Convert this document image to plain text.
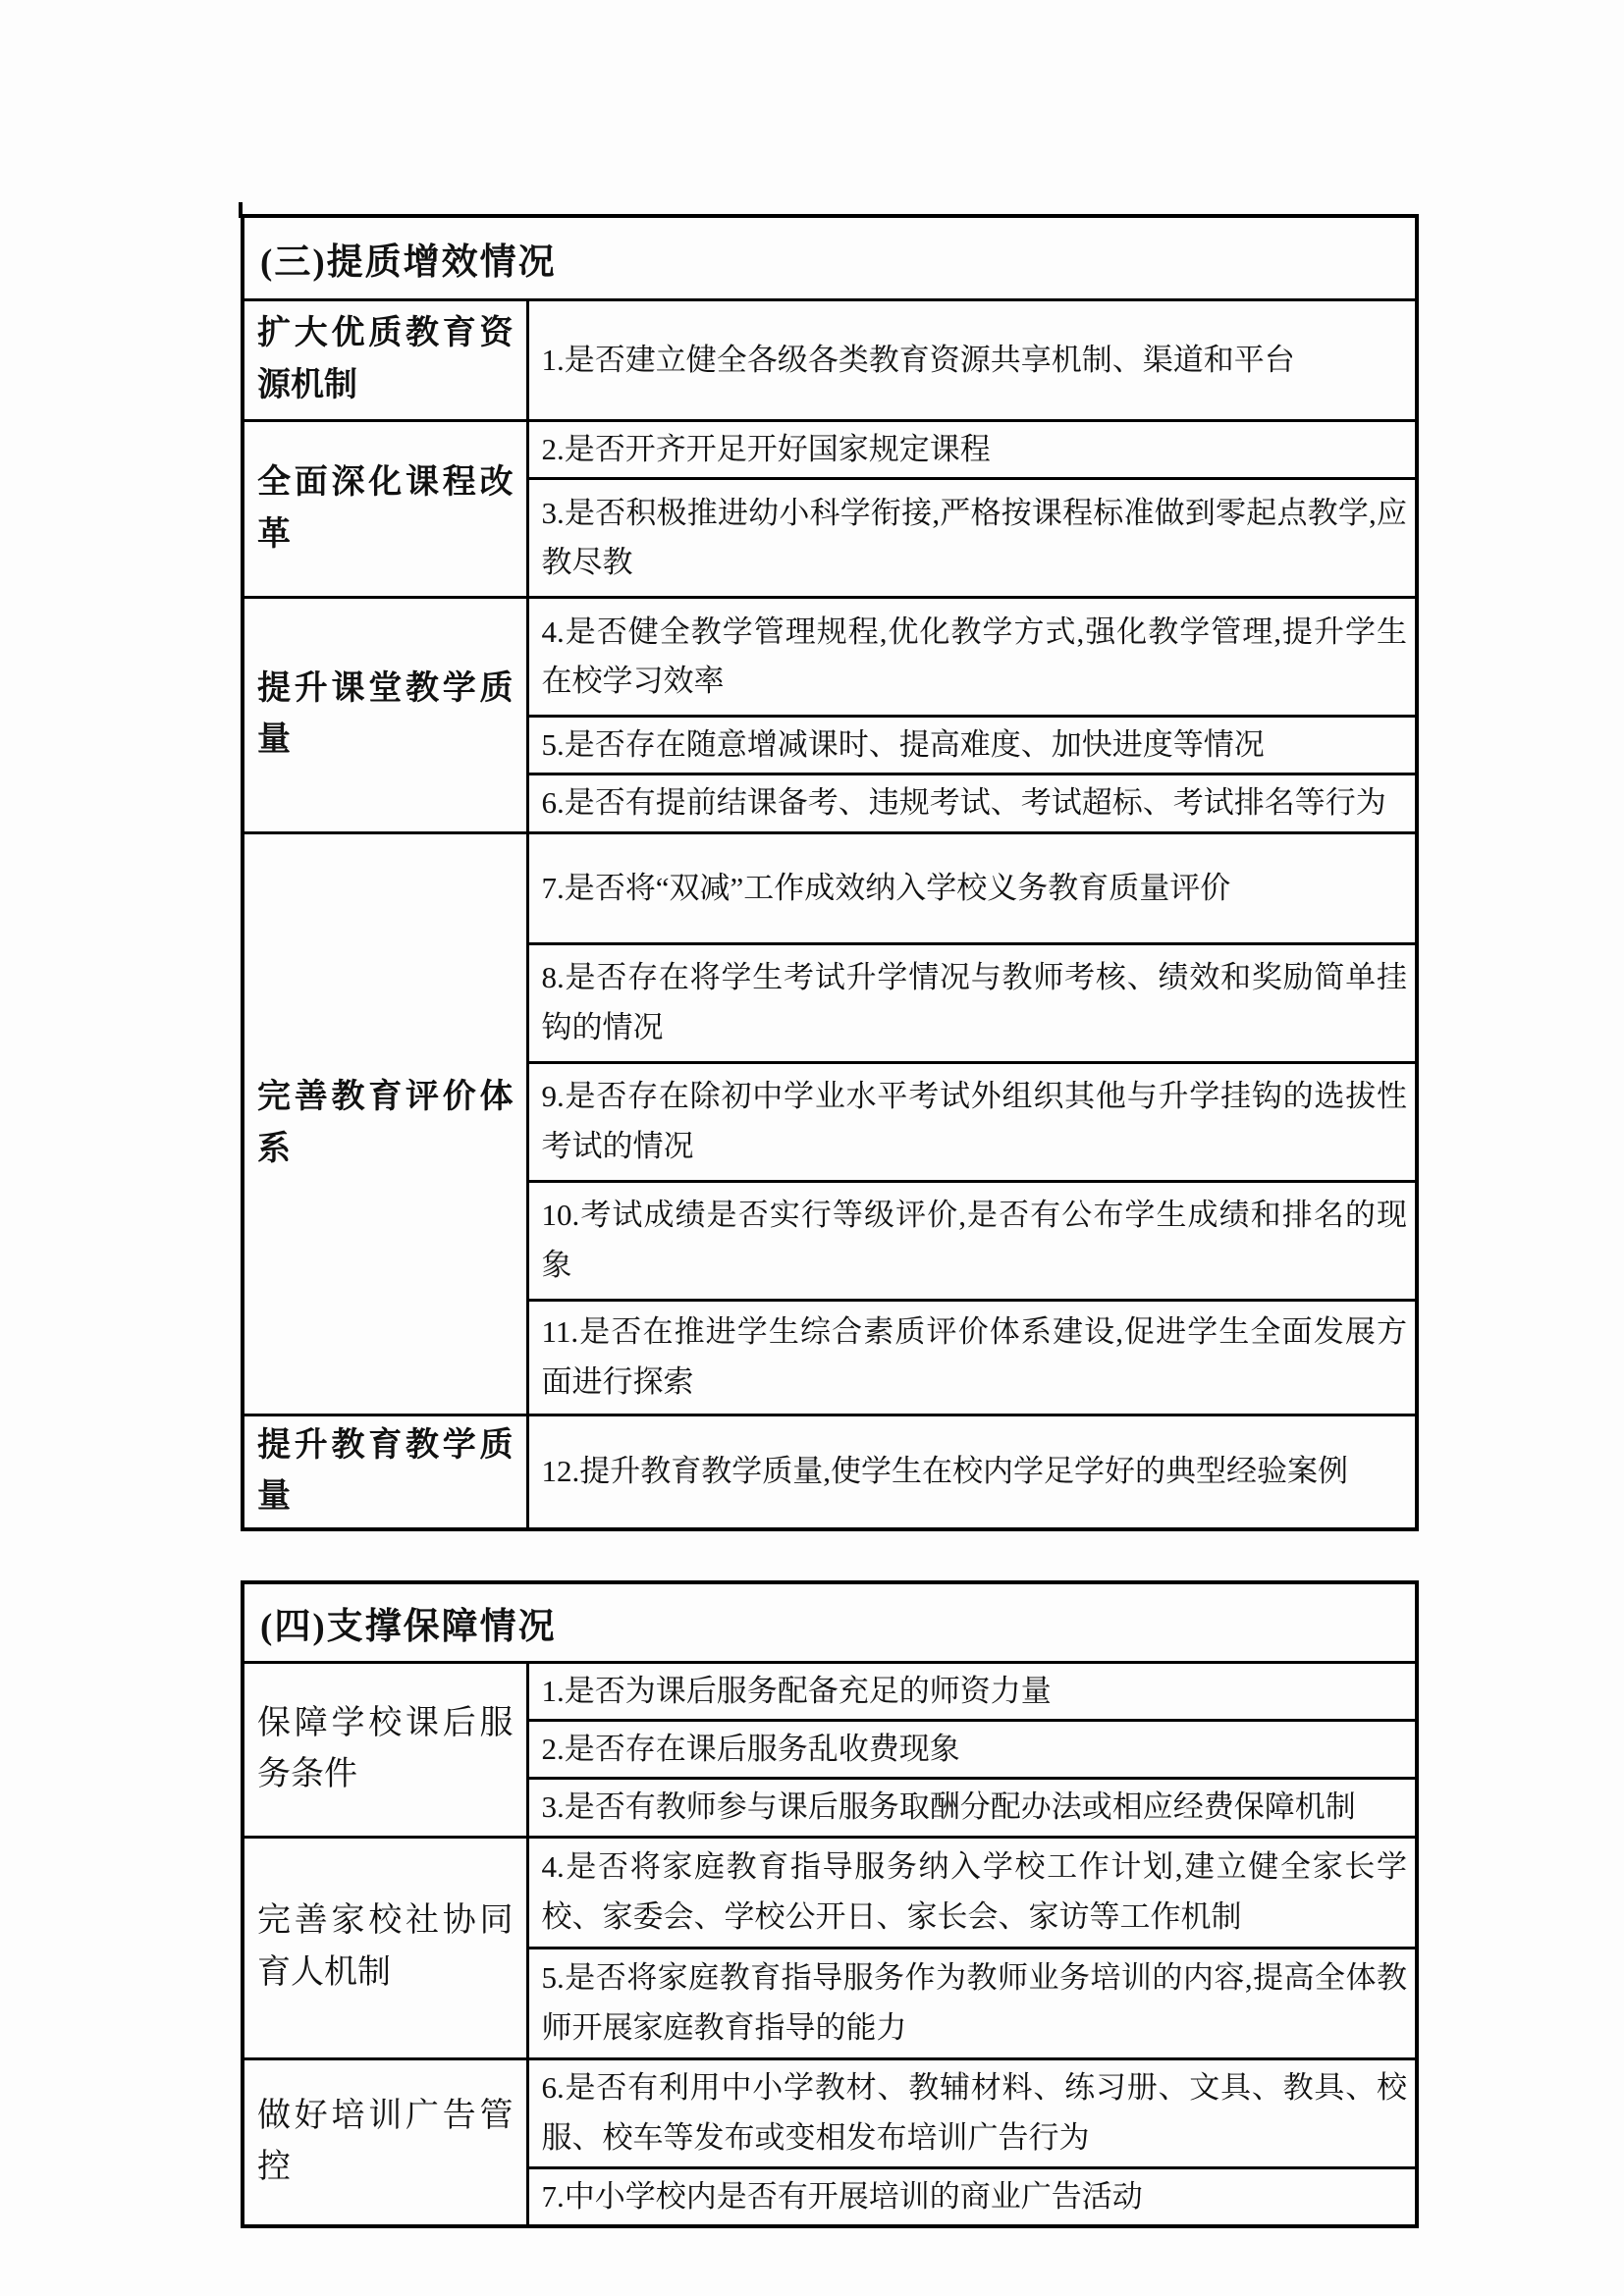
(三)提质增效情况	
扩大优质教育资源机制	1.是否建立健全各级各类教育资源共享机制、渠道和平台
全面深化课程改革	2.是否开齐开足开好国家规定课程
	3.是否积极推进幼小科学衔接,严格按课程标准做到零起点教学,应教尽教
提升课堂教学质量	4.是否健全教学管理规程,优化教学方式,强化教学管理,提升学生在校学习效率
	5.是否存在随意增减课时、提高难度、加快进度等情况
	6.是否有提前结课备考、违规考试、考试超标、考试排名等行为
完善教育评价体系	7.是否将“双减”工作成效纳入学校义务教育质量评价
	8.是否存在将学生考试升学情况与教师考核、绩效和奖励简单挂钩的情况
	9.是否存在除初中学业水平考试外组织其他与升学挂钩的选拔性考试的情况
	10.考试成绩是否实行等级评价,是否有公布学生成绩和排名的现象
	11.是否在推进学生综合素质评价体系建设,促进学生全面发展方面进行探索
提升教育教学质量	12.提升教育教学质量,使学生在校内学足学好的典型经验案例
(四)支撑保障情况	
保障学校课后服务条件	1.是否为课后服务配备充足的师资力量
	2.是否存在课后服务乱收费现象
	3.是否有教师参与课后服务取酬分配办法或相应经费保障机制
完善家校社协同育人机制	4.是否将家庭教育指导服务纳入学校工作计划,建立健全家长学校、家委会、学校公开日、家长会、家访等工作机制
	5.是否将家庭教育指导服务作为教师业务培训的内容,提高全体教师开展家庭教育指导的能力
做好培训广告管控	6.是否有利用中小学教材、教辅材料、练习册、文具、教具、校服、校车等发布或变相发布培训广告行为
	7.中小学校内是否有开展培训的商业广告活动
